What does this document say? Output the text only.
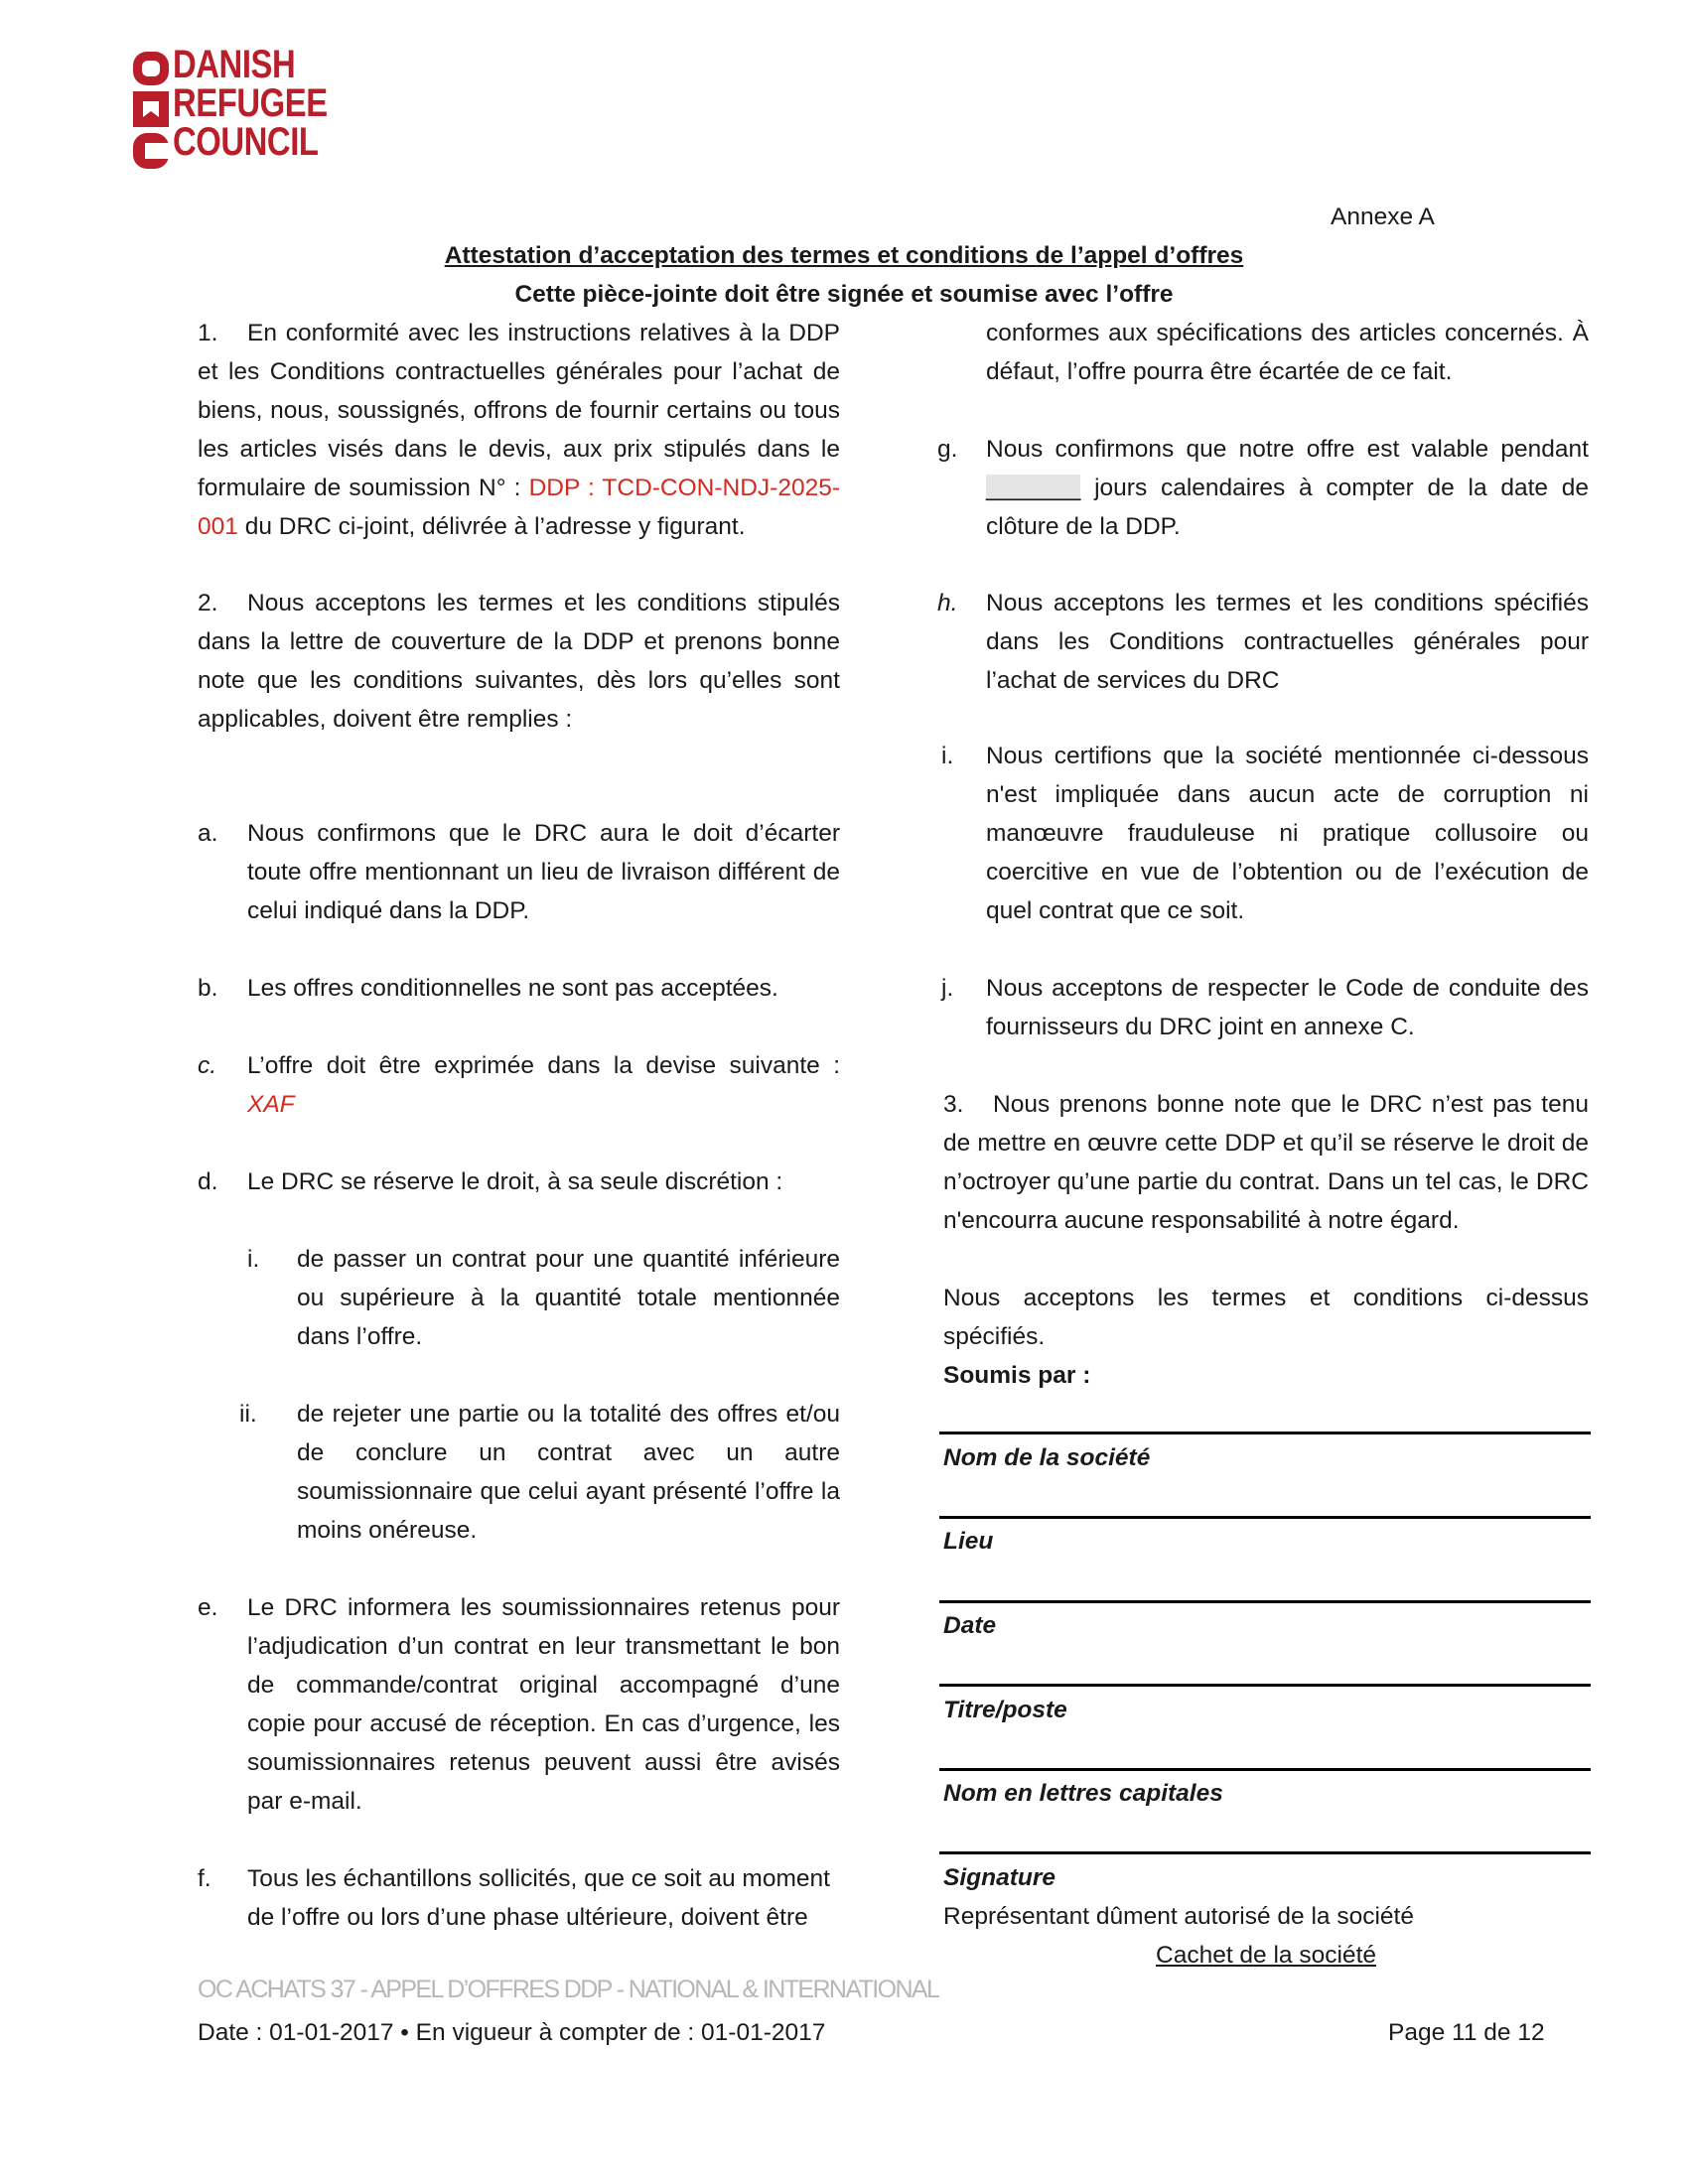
DANISH
REFUGEE
COUNCIL
Annexe A
Attestation d’acceptation des termes et conditions de l’appel d’offres
Cette pièce-jointe doit être signée et soumise avec l’offre
1. En conformité avec les instructions relatives à la DDP et les Conditions contractuelles générales pour l’achat de biens, nous, soussignés, offrons de fournir certains ou tous les articles visés dans le devis, aux prix stipulés dans le formulaire de soumission N° : DDP : TCD-CON-NDJ-2025-001 du DRC ci-joint, délivrée à l’adresse y figurant.
2. Nous acceptons les termes et les conditions stipulés dans la lettre de couverture de la DDP et prenons bonne note que les conditions suivantes, dès lors qu’elles sont applicables, doivent être remplies :
a. Nous confirmons que le DRC aura le doit d’écarter toute offre mentionnant un lieu de livraison différent de celui indiqué dans la DDP.
b. Les offres conditionnelles ne sont pas acceptées.
c. L’offre doit être exprimée dans la devise suivante : XAF
d. Le DRC se réserve le droit, à sa seule discrétion :
i. de passer un contrat pour une quantité inférieure ou supérieure à la quantité totale mentionnée dans l’offre.
ii. de rejeter une partie ou la totalité des offres et/ou de conclure un contrat avec un autre soumissionnaire que celui ayant présenté l’offre la moins onéreuse.
e. Le DRC informera les soumissionnaires retenus pour l’adjudication d’un contrat en leur transmettant le bon de commande/contrat original accompagné d’une copie pour accusé de réception. En cas d’urgence, les soumissionnaires retenus peuvent aussi être avisés par e-mail.
f. Tous les échantillons sollicités, que ce soit au moment de l’offre ou lors d’une phase ultérieure, doivent être
conformes aux spécifications des articles concernés. À défaut, l’offre pourra être écartée de ce fait.
g. Nous confirmons que notre offre est valable pendant _______ jours calendaires à compter de la date de clôture de la DDP.
h. Nous acceptons les termes et les conditions spécifiés dans les Conditions contractuelles générales pour l’achat de services du DRC
i. Nous certifions que la société mentionnée ci-dessous n'est impliquée dans aucun acte de corruption ni manœuvre frauduleuse ni pratique collusoire ou coercitive en vue de l’obtention ou de l’exécution de quel contrat que ce soit.
j. Nous acceptons de respecter le Code de conduite des fournisseurs du DRC joint en annexe C.
3. Nous prenons bonne note que le DRC n’est pas tenu de mettre en œuvre cette DDP et qu’il se réserve le droit de n’octroyer qu’une partie du contrat. Dans un tel cas, le DRC n'encourra aucune responsabilité à notre égard.
Nous acceptons les termes et conditions ci-dessus spécifiés.
Soumis par :
Nom de la société
Lieu
Date
Titre/poste
Nom en lettres capitales
Signature
Représentant dûment autorisé de la société
Cachet de la société
OC ACHATS 37 - APPEL D’OFFRES DDP - NATIONAL & INTERNATIONAL
Date : 01-01-2017 • En vigueur à compter de : 01-01-2017	Page 11 de 12
